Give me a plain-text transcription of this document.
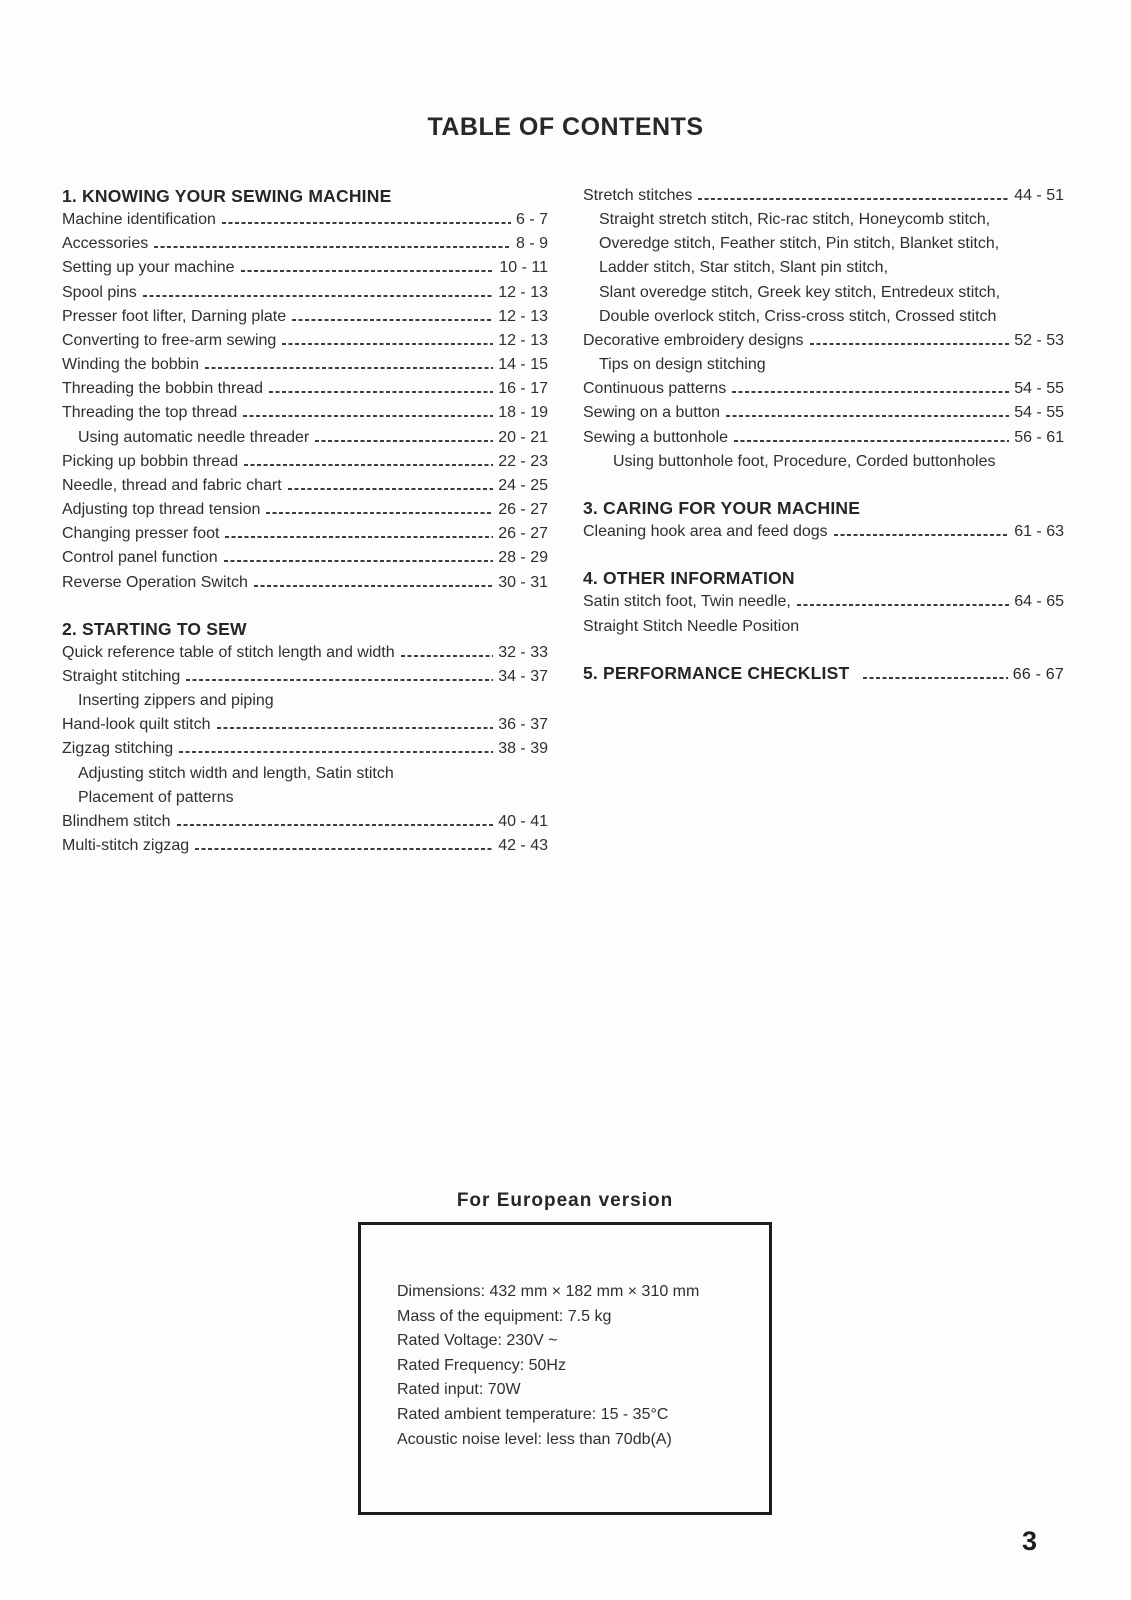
TABLE OF CONTENTS
1. KNOWING YOUR SEWING MACHINE
Machine identification	6 - 7
Accessories	8 - 9
Setting up your machine	10 - 11
Spool pins	12 - 13
Presser foot lifter, Darning plate	12 - 13
Converting to free-arm sewing	12 - 13
Winding the bobbin	14 - 15
Threading the bobbin thread	16 - 17
Threading the top thread	18 - 19
Using automatic needle threader	20 - 21
Picking up bobbin thread	22 - 23
Needle, thread and fabric chart	24 - 25
Adjusting top thread tension	26 - 27
Changing presser foot	26 - 27
Control panel function	28 - 29
Reverse Operation Switch	30 - 31
2. STARTING TO SEW
Quick reference table of stitch length and width	32 - 33
Straight stitching	34 - 37
Inserting zippers and piping
Hand-look quilt stitch	36 - 37
Zigzag stitching	38 - 39
Adjusting stitch width and length, Satin stitch
Placement of patterns
Blindhem stitch	40 - 41
Multi-stitch zigzag	42 - 43
Stretch stitches	44 - 51
Straight stretch stitch, Ric-rac stitch, Honeycomb stitch,
Overedge stitch, Feather stitch, Pin stitch, Blanket stitch,
Ladder stitch, Star stitch, Slant pin stitch,
Slant overedge stitch, Greek key stitch, Entredeux stitch,
Double overlock stitch, Criss-cross stitch, Crossed stitch
Decorative embroidery designs	52 - 53
Tips on design stitching
Continuous patterns	54 - 55
Sewing on a button	54 - 55
Sewing a buttonhole	56 - 61
Using buttonhole foot, Procedure, Corded buttonholes
3. CARING FOR YOUR MACHINE
Cleaning hook area and feed dogs	61 - 63
4. OTHER INFORMATION
Satin stitch foot, Twin needle,	64 - 65
Straight Stitch Needle Position
5. PERFORMANCE CHECKLIST	66 - 67
For European version
Dimensions: 432 mm × 182 mm × 310 mm
Mass of the equipment: 7.5 kg
Rated Voltage: 230V ~
Rated Frequency: 50Hz
Rated input: 70W
Rated ambient temperature: 15 - 35°C
Acoustic noise level: less than 70db(A)
3
